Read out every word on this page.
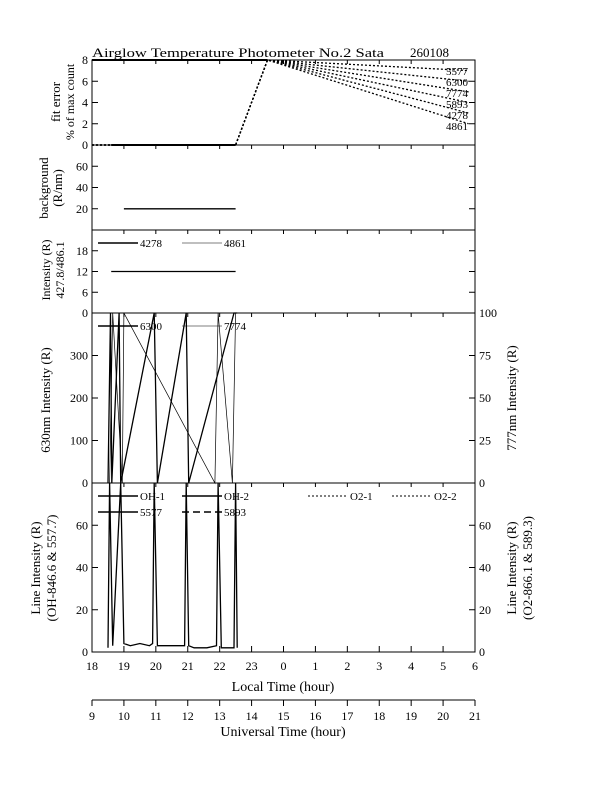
Airglow Temperature Photometer No.2 Sata 260108
fit error % of max count
background (R/nm)
Intensity (R) 427.8/486.1
630nm Intensity (R)
Line Intensity (R) (OH-846.6 & 557.7)
777nm Intensity (R)
Line Intensity (R) (O2-866.1 & 589.3)
0
2
4
6
8
20
40
60
0
6
12
18
0
100
200
300
0
25
50
75
100
0
20
40
60
0
20
40
60
5577
6300
7774
5893
4278
4861
4278	4861
6300	7774
OH-1	OH-2	O2-1	O2-2
5577	5893
18 19 20 21 22 23 0 1 2 3 4 5 6
Local Time (hour)
9 10 11 12 13 14 15 16 17 18 19 20 21
Universal Time (hour)
